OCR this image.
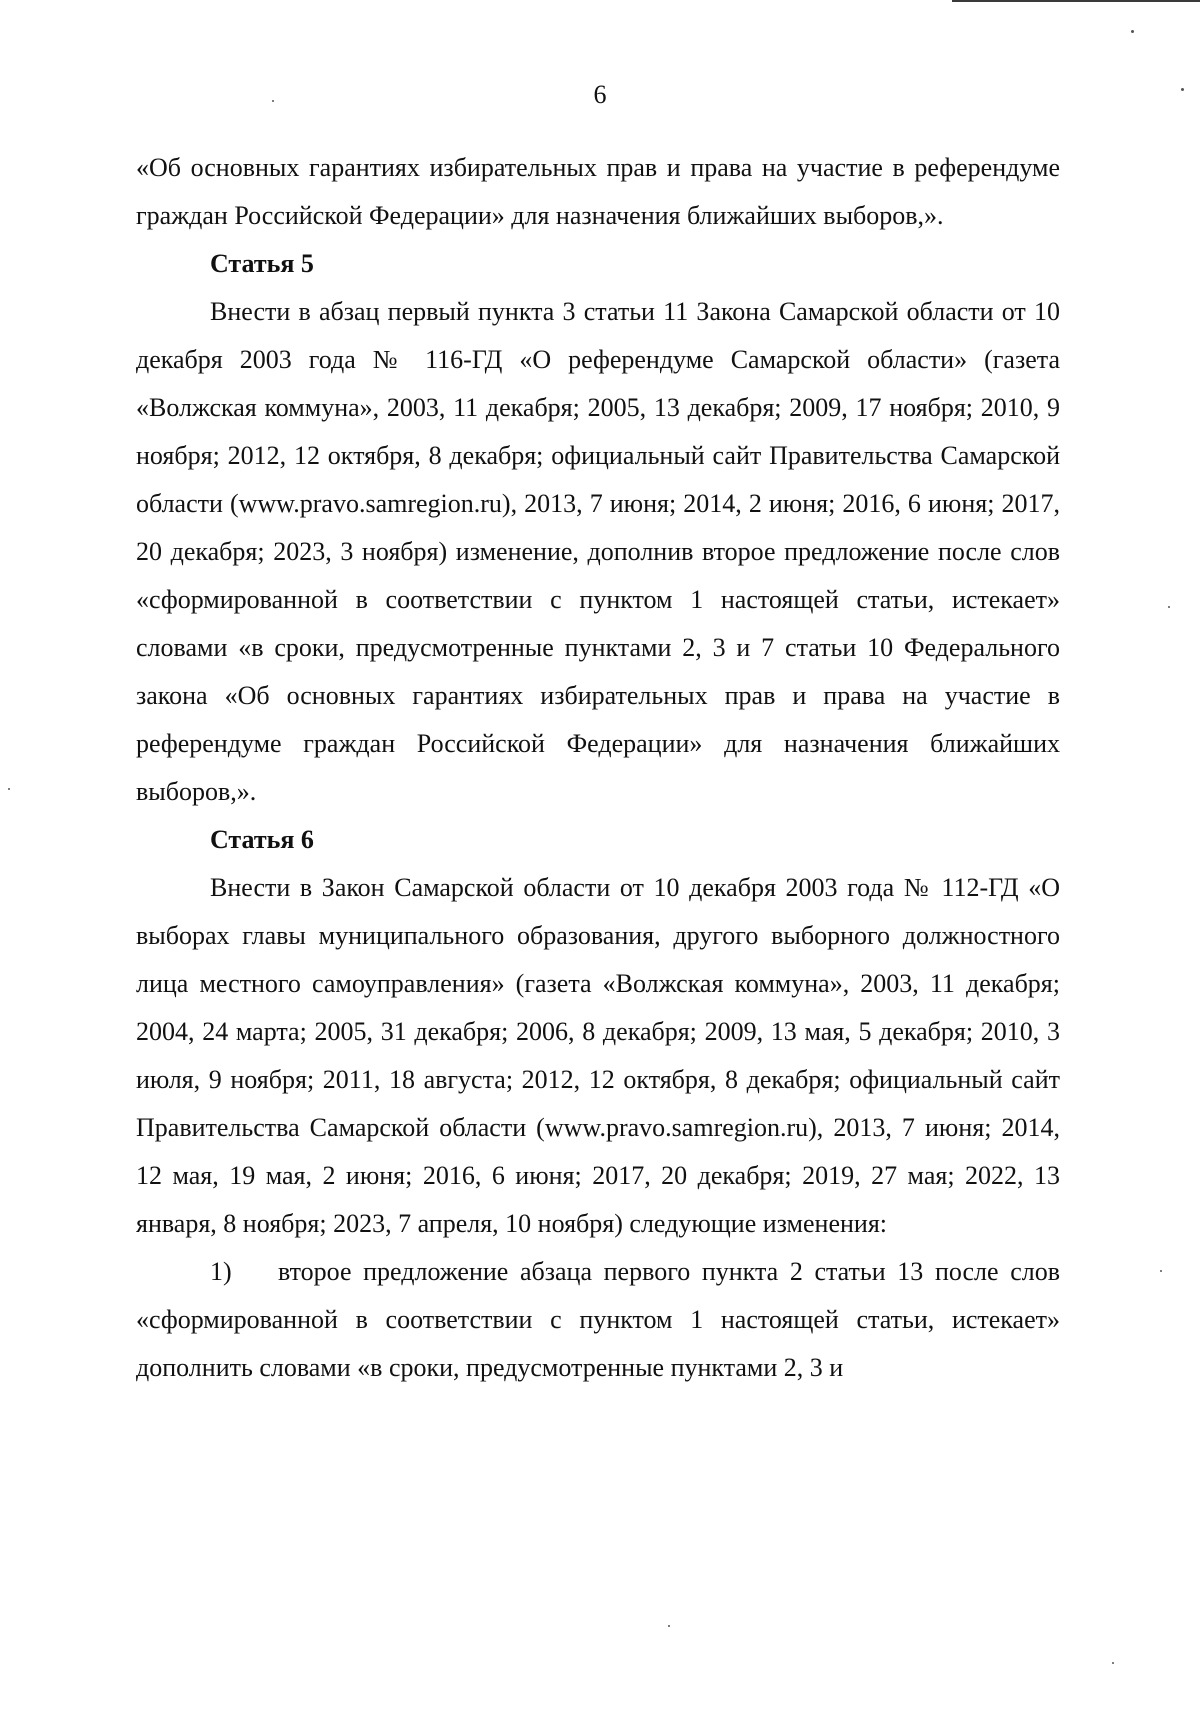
6

«Об основных гарантиях избирательных прав и права на участие в референдуме граждан Российской Федерации» для назначения ближайших выборов,».

Статья 5

Внести в абзац первый пункта 3 статьи 11 Закона Самарской области от 10 декабря 2003 года № 116-ГД «О референдуме Самарской области» (газета «Волжская коммуна», 2003, 11 декабря; 2005, 13 декабря; 2009, 17 ноября; 2010, 9 ноября; 2012, 12 октября, 8 декабря; официальный сайт Правительства Самарской области (www.pravo.samregion.ru), 2013, 7 июня; 2014, 2 июня; 2016, 6 июня; 2017, 20 декабря; 2023, 3 ноября) изменение, дополнив второе предложение после слов «сформированной в соответствии с пунктом 1 настоящей статьи, истекает» словами «в сроки, предусмотренные пунктами 2, 3 и 7 статьи 10 Федерального закона «Об основных гарантиях избирательных прав и права на участие в референдуме граждан Российской Федерации» для назначения ближайших выборов,».

Статья 6

Внести в Закон Самарской области от 10 декабря 2003 года № 112-ГД «О выборах главы муниципального образования, другого выборного должностного лица местного самоуправления» (газета «Волжская коммуна», 2003, 11 декабря; 2004, 24 марта; 2005, 31 декабря; 2006, 8 декабря; 2009, 13 мая, 5 декабря; 2010, 3 июля, 9 ноября; 2011, 18 августа; 2012, 12 октября, 8 декабря; официальный сайт Правительства Самарской области (www.pravo.samregion.ru), 2013, 7 июня; 2014, 12 мая, 19 мая, 2 июня; 2016, 6 июня; 2017, 20 декабря; 2019, 27 мая; 2022, 13 января, 8 ноября; 2023, 7 апреля, 10 ноября) следующие изменения:

1) второе предложение абзаца первого пункта 2 статьи 13 после слов «сформированной в соответствии с пунктом 1 настоящей статьи, истекает» дополнить словами «в сроки, предусмотренные пунктами 2, 3 и
